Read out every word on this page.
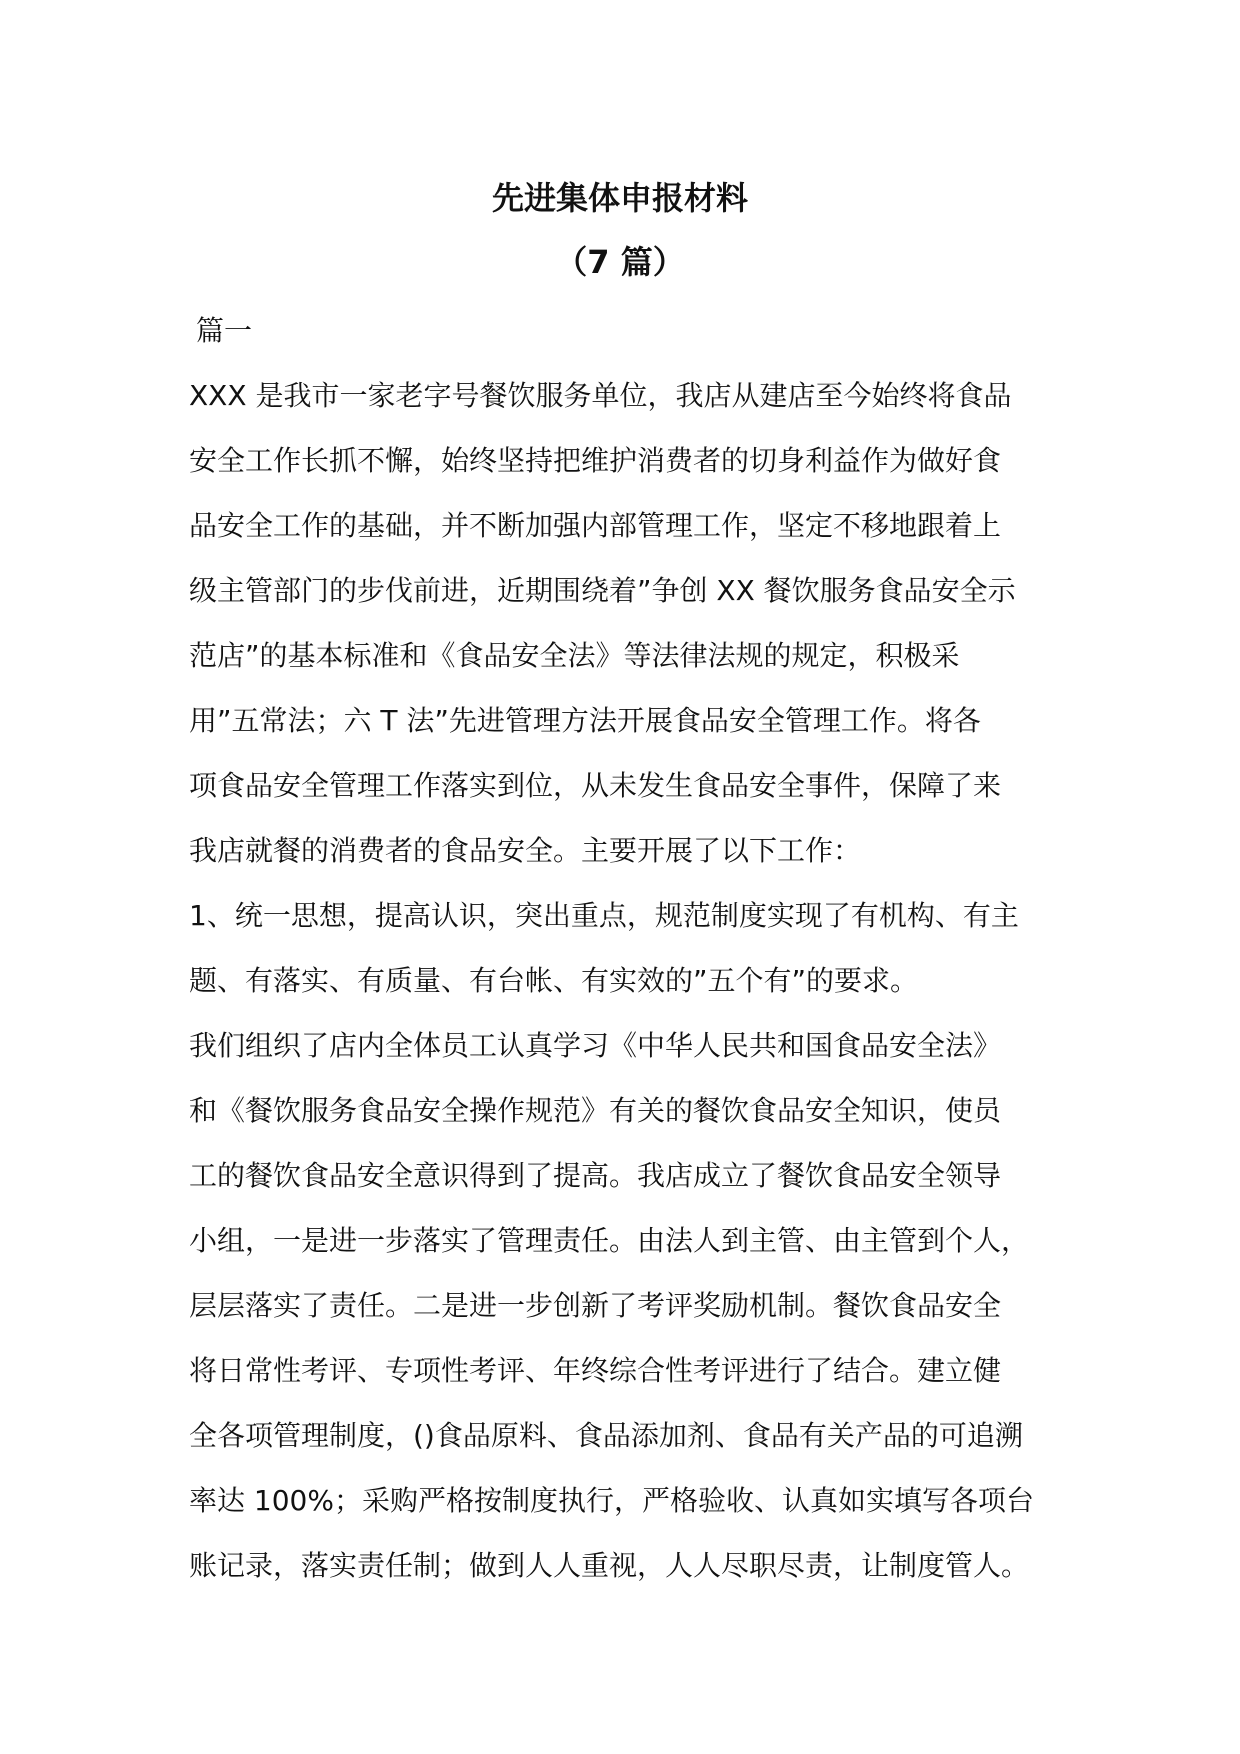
先进集体申报材料
（7 篇）
篇一
XXX 是我市一家老字号餐饮服务单位，我店从建店至今始终将食品
安全工作长抓不懈，始终坚持把维护消费者的切身利益作为做好食
品安全工作的基础，并不断加强内部管理工作，坚定不移地跟着上
级主管部门的步伐前进，近期围绕着”争创 XX 餐饮服务食品安全示
范店”的基本标准和《食品安全法》等法律法规的规定，积极采
用”五常法；六 T 法”先进管理方法开展食品安全管理工作。将各
项食品安全管理工作落实到位，从未发生食品安全事件，保障了来
我店就餐的消费者的食品安全。主要开展了以下工作：
1、统一思想，提高认识，突出重点，规范制度实现了有机构、有主
题、有落实、有质量、有台帐、有实效的”五个有”的要求。
我们组织了店内全体员工认真学习《中华人民共和国食品安全法》
和《餐饮服务食品安全操作规范》有关的餐饮食品安全知识，使员
工的餐饮食品安全意识得到了提高。我店成立了餐饮食品安全领导
小组，一是进一步落实了管理责任。由法人到主管、由主管到个人，
层层落实了责任。二是进一步创新了考评奖励机制。餐饮食品安全
将日常性考评、专项性考评、年终综合性考评进行了结合。建立健
全各项管理制度，()食品原料、食品添加剂、食品有关产品的可追溯
率达 100%；采购严格按制度执行，严格验收、认真如实填写各项台
账记录，落实责任制；做到人人重视，人人尽职尽责，让制度管人。
